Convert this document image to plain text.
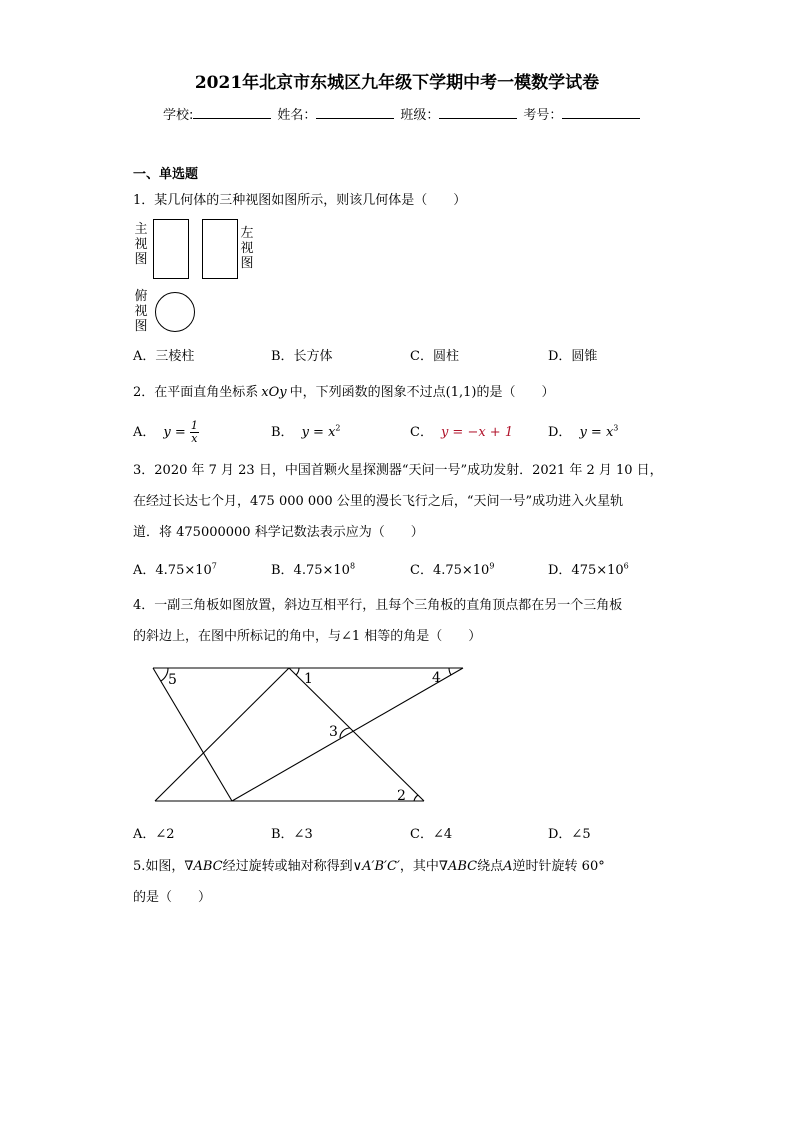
2021年北京市东城区九年级下学期中考一模数学试卷
学校:	姓名：	班级：	考号：
一、单选题
1．某几何体的三种视图如图所示，则该几何体是（　　）
主
视
图
左
视
图
俯
视
图
A．三棱柱	B．长方体	C．圆柱	D．圆锥
2．在平面直角坐标系 xOy 中，下列函数的图象不过点(1,1)的是（　　）
A． $y = \frac{1}{x}$	B． $y = x^2$	C． y = −x + 1	D． $y = x^3$
3．2020 年 7 月 23 日，中国首颗火星探测器“天问一号”成功发射．2021 年 2 月 10 日，
在经过长达七个月，475 000 000 公里的漫长飞行之后，“天问一号”成功进入火星轨
道．将 475000000 科学记数法表示应为（　　）
A．$4.75\times 10^7$	B．$4.75\times 10^8$	C．$4.75\times 10^9$	D．$475\times 10^6$
4．一副三角板如图放置，斜边互相平行，且每个三角板的直角顶点都在另一个三角板
的斜边上，在图中所标记的角中，与∠1 相等的角是（　　）
5	1	4
3
2
A．∠2	B．∠3	C．∠4	D．∠5
5.如图，∇ABC经过旋转或轴对称得到∨A′B′C′，其中∇ABC绕点A逆时针旋转 60°
的是（　　）
